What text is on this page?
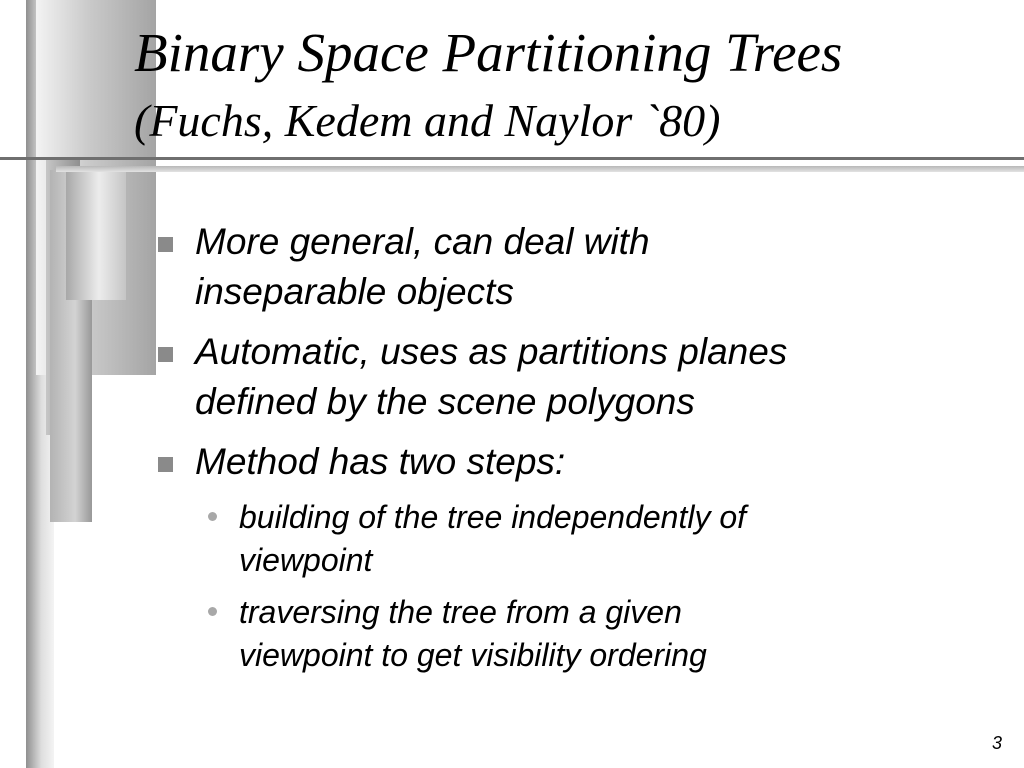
Binary Space Partitioning Trees
(Fuchs, Kedem and Naylor `80)

More general, can deal with

inseparable objects

Automatic, uses as partitions planes

defined by the scene polygons

Method has two steps:

building of the tree independently of

viewpoint

traversing the tree from a given

viewpoint to get visibility ordering

3
